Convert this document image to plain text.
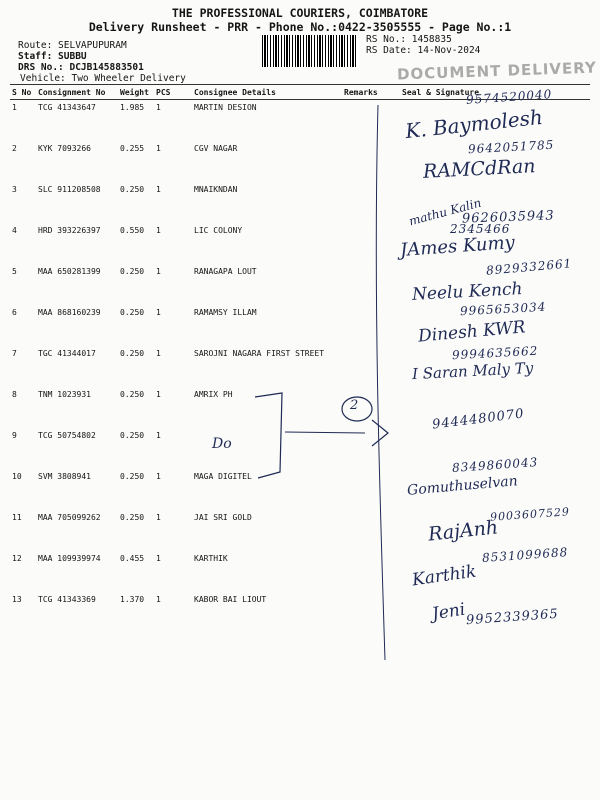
THE PROFESSIONAL COURIERS, COIMBATORE
Delivery Runsheet - PRR - Phone No.:0422-3505555 - Page No.:1
Route: SELVAPUPURAM
Staff: SUBBU
DRS No.: DCJB145883501
Vehicle: Two Wheeler Delivery
RS No.: 1458835
RS Date: 14-Nov-2024
DOCUMENT DELIVERY
S No	Consignment No	Weight	PCS	Consignee Details	Remarks	Seal & Signature
1	TCG 41343647	1.985	1	MARTIN DESION		
2	KYK 7093266	0.255	1	CGV NAGAR		
3	SLC 911208508	0.250	1	MNAIKNDAN		
4	HRD 393226397	0.550	1	LIC COLONY		
5	MAA 650281399	0.250	1	RANAGAPA LOUT		
6	MAA 868160239	0.250	1	RAMAMSY ILLAM		
7	TGC 41344017	0.250	1	SAROJNI NAGARA FIRST STREET		
8	TNM 1023931	0.250	1	AMRIX PH		
9	TCG 50754802	0.250	1			
10	SVM 3808941	0.250	1	MAGA DIGITEL		
11	MAA 705099262	0.250	1	JAI SRI GOLD		
12	MAA 109939974	0.455	1	KARTHIK		
13	TCG 41343369	1.370	1	KABOR BAI LIOUT		
9574520040
K. Baymolesh
9642051785
RAMCdRan
mathu Kalin
9626035943
2345466
JAmes Kumy
8929332661
Neelu Kench
9965653034
Dinesh KWR
9994635662
I Saran Maly Ty
2
9444480070
Do
8349860043
Gomuthuselvan
RajAnh
9003607529
8531099688
Karthik
Jeni
9952339365
